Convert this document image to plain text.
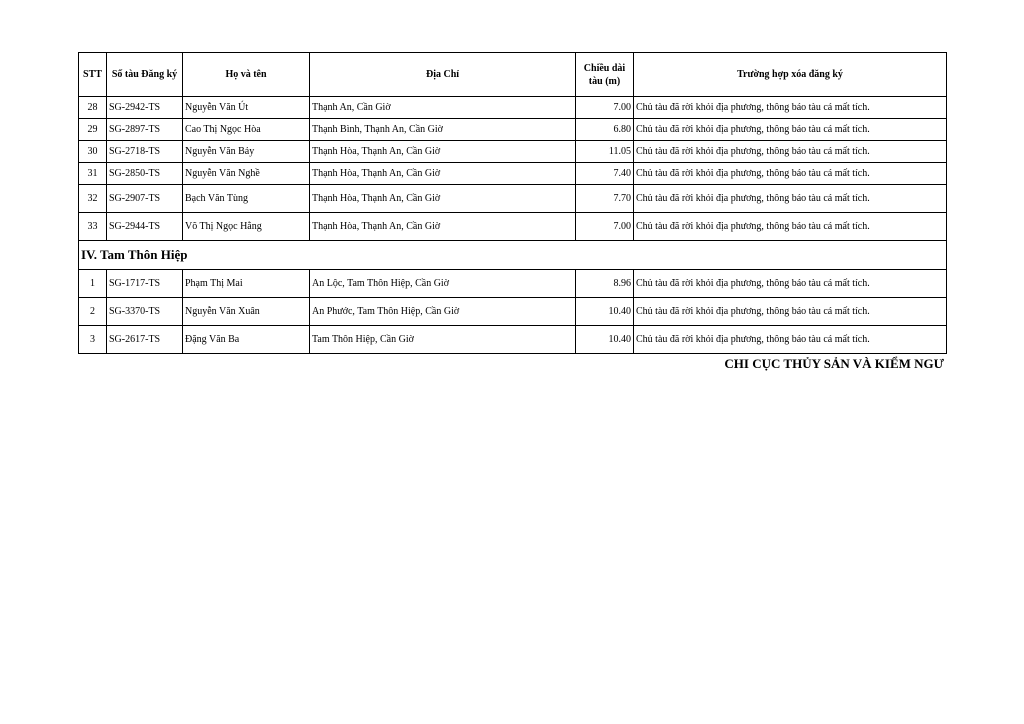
STT	Số tàu Đăng ký	Họ và tên	Địa Chỉ	Chiều dài tàu (m)	Trường hợp xóa đăng ký
28	SG-2942-TS	Nguyễn Văn Út	Thạnh An, Cần Giờ	7.00	Chủ tàu đã rời khỏi địa phương, thông báo tàu cá mất tích.
29	SG-2897-TS	Cao Thị Ngọc Hòa	Thạnh Bình, Thạnh An, Cần Giờ	6.80	Chủ tàu đã rời khỏi địa phương, thông báo tàu cá mất tích.
30	SG-2718-TS	Nguyễn Văn Bảy	Thạnh Hòa, Thạnh An, Cần Giờ	11.05	Chủ tàu đã rời khỏi địa phương, thông báo tàu cá mất tích.
31	SG-2850-TS	Nguyễn Văn Nghề	Thạnh Hòa, Thạnh An, Cần Giờ	7.40	Chủ tàu đã rời khỏi địa phương, thông báo tàu cá mất tích.
32	SG-2907-TS	Bạch Văn Tùng	Thạnh Hòa, Thạnh An, Cần Giờ	7.70	Chủ tàu đã rời khỏi địa phương, thông báo tàu cá mất tích.
33	SG-2944-TS	Võ Thị Ngọc Hằng	Thạnh Hòa, Thạnh An, Cần Giờ	7.00	Chủ tàu đã rời khỏi địa phương, thông báo tàu cá mất tích.
IV. Tam Thôn Hiệp					
1	SG-1717-TS	Phạm Thị Mai	An Lộc, Tam Thôn Hiệp, Cần Giờ	8.96	Chủ tàu đã rời khỏi địa phương, thông báo tàu cá mất tích.
2	SG-3370-TS	Nguyễn Văn Xuân	An Phước, Tam Thôn Hiệp, Cần Giờ	10.40	Chủ tàu đã rời khỏi địa phương, thông báo tàu cá mất tích.
3	SG-2617-TS	Đặng Văn Ba	Tam Thôn Hiệp, Cần Giờ	10.40	Chủ tàu đã rời khỏi địa phương, thông báo tàu cá mất tích.
CHI CỤC THỦY SẢN VÀ KIỂM NGƯ
